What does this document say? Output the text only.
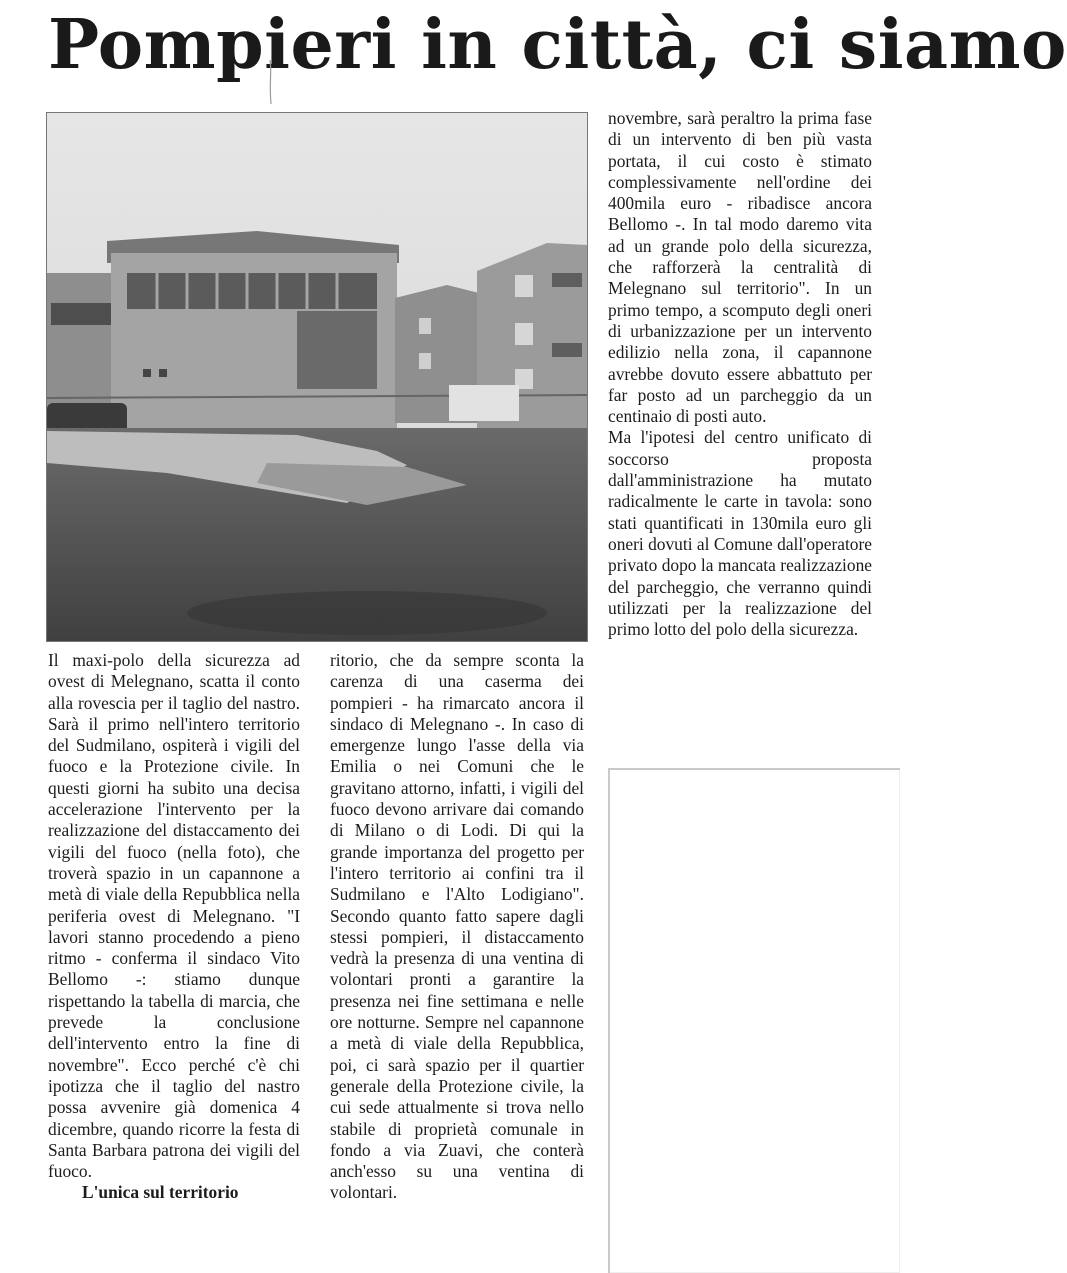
Pompieri in città, ci siamo

Il maxi-polo della sicurezza ad ovest di Melegnano, scatta il conto alla rovescia per il taglio del nastro. Sarà il primo nell'intero territorio del Sudmilano, ospiterà i vigili del fuoco e la Protezione civile. In questi giorni ha subito una decisa accelerazione l'intervento per la realizzazione del distaccamento dei vigili del fuoco (nella foto), che troverà spazio in un capannone a metà di viale della Repubblica nella periferia ovest di Melegnano. "I lavori stanno procedendo a pieno ritmo - conferma il sindaco Vito Bellomo -: stiamo dunque rispettando la tabella di marcia, che prevede la conclusione dell'intervento entro la fine di novembre". Ecco perché c'è chi ipotizza che il taglio del nastro possa avvenire già domenica 4 dicembre, quando ricorre la festa di Santa Barbara patrona dei vigili del fuoco.

L'unica sul territorio

ritorio, che da sempre sconta la carenza di una caserma dei pompieri - ha rimarcato ancora il sindaco di Melegnano -. In caso di emergenze lungo l'asse della via Emilia o nei Comuni che le gravitano attorno, infatti, i vigili del fuoco devono arrivare dai comando di Milano o di Lodi. Di qui la grande importanza del progetto per l'intero territorio ai confini tra il Sudmilano e l'Alto Lodigiano". Secondo quanto fatto sapere dagli stessi pompieri, il distaccamento vedrà la presenza di una ventina di volontari pronti a garantire la presenza nei fine settimana e nelle ore notturne. Sempre nel capannone a metà di viale della Repubblica, poi, ci sarà spazio per il quartier generale della Protezione civile, la cui sede attualmente si trova nello stabile di proprietà comunale in fondo a via Zuavi, che conterà anch'esso su una ventina di volontari.

novembre, sarà peraltro la prima fase di un intervento di ben più vasta portata, il cui costo è stimato complessivamente nell'ordine dei 400mila euro - ribadisce ancora Bellomo -. In tal modo daremo vita ad un grande polo della sicurezza, che rafforzerà la centralità di Melegnano sul territorio". In un primo tempo, a scomputo degli oneri di urbanizzazione per un intervento edilizio nella zona, il capannone avrebbe dovuto essere abbattuto per far posto ad un parcheggio da un centinaio di posti auto.

Ma l'ipotesi del centro unificato di soccorso proposta dall'amministrazione ha mutato radicalmente le carte in tavola: sono stati quantificati in 130mila euro gli oneri dovuti al Comune dall'operatore privato dopo la mancata realizzazione del parcheggio, che verranno quindi utilizzati per la realizzazione del primo lotto del polo della sicurezza.
